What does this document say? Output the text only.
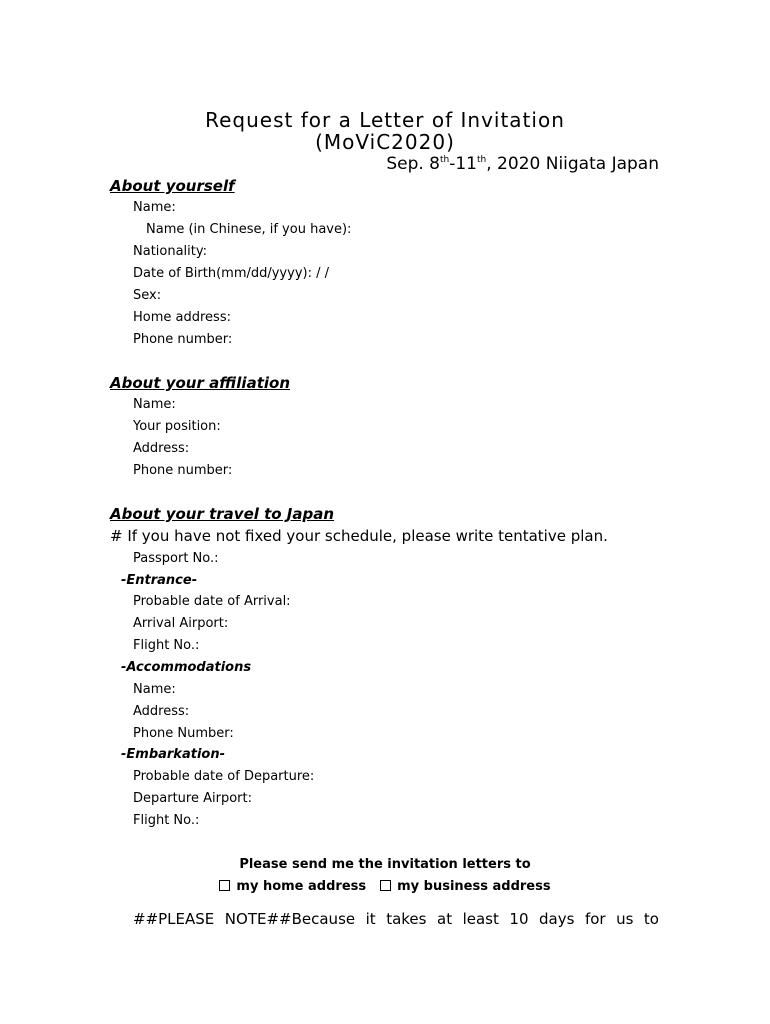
Request for a Letter of Invitation
(MoViC2020)
Sep. 8th-11th, 2020 Niigata Japan
About yourself
Name:
Name (in Chinese, if you have):
Nationality:
Date of Birth(mm/dd/yyyy): / /
Sex:
Home address:
Phone number:
About your affiliation
Name:
Your position:
Address:
Phone number:
About your travel to Japan
# If you have not fixed your schedule, please write tentative plan.
Passport No.:
-Entrance-
Probable date of Arrival:
Arrival Airport:
Flight No.:
-Accommodations
Name:
Address:
Phone Number:
-Embarkation-
Probable date of Departure:
Departure Airport:
Flight No.:
Please send me the invitation letters to
my home address my business address
##PLEASE NOTE##Because it takes at least 10 days for us to
